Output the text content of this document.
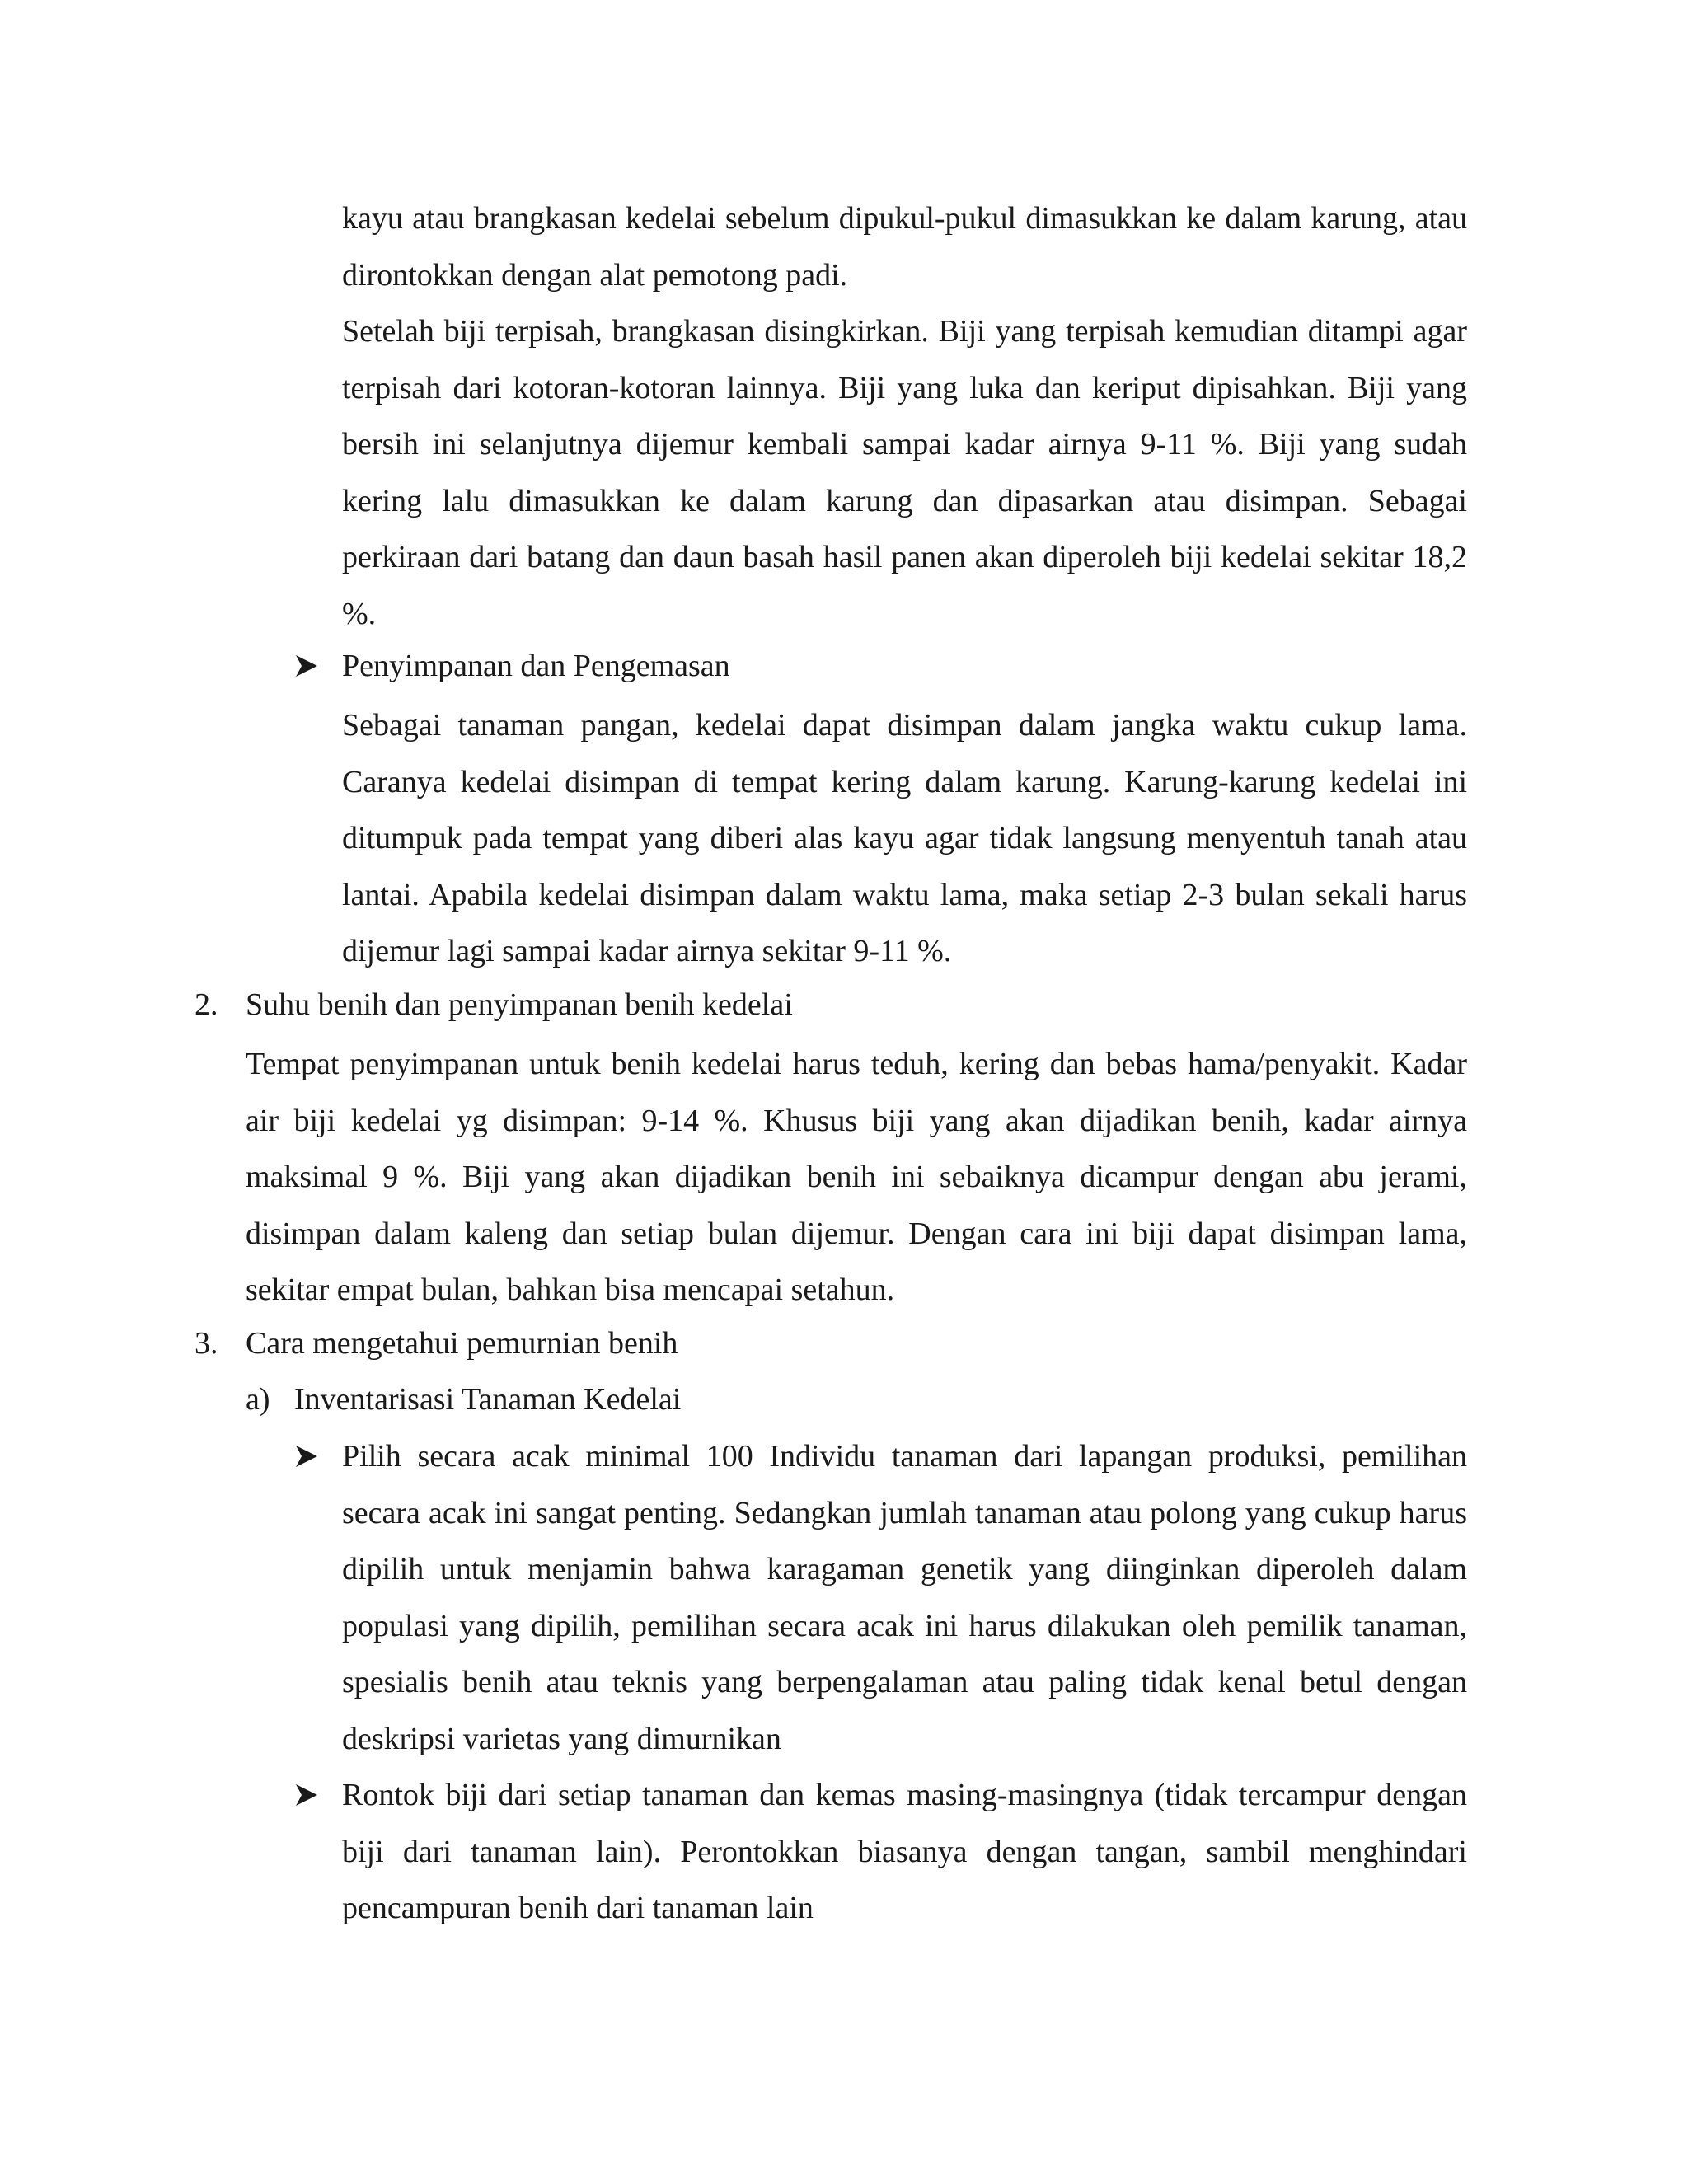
kayu atau brangkasan kedelai sebelum dipukul-pukul dimasukkan ke dalam karung, atau dirontokkan dengan alat pemotong padi.

Setelah biji terpisah, brangkasan disingkirkan. Biji yang terpisah kemudian ditampi agar terpisah dari kotoran-kotoran lainnya. Biji yang luka dan keriput dipisahkan. Biji yang bersih ini selanjutnya dijemur kembali sampai kadar airnya 9-11 %. Biji yang sudah kering lalu dimasukkan ke dalam karung dan dipasarkan atau disimpan. Sebagai perkiraan dari batang dan daun basah hasil panen akan diperoleh biji kedelai sekitar 18,2 %.

Penyimpanan dan Pengemasan

Sebagai tanaman pangan, kedelai dapat disimpan dalam jangka waktu cukup lama. Caranya kedelai disimpan di tempat kering dalam karung. Karung-karung kedelai ini ditumpuk pada tempat yang diberi alas kayu agar tidak langsung menyentuh tanah atau lantai. Apabila kedelai disimpan dalam waktu lama, maka setiap 2-3 bulan sekali harus dijemur lagi sampai kadar airnya sekitar 9-11 %.

2. Suhu benih dan penyimpanan benih kedelai

Tempat penyimpanan untuk benih kedelai harus teduh, kering dan bebas hama/penyakit. Kadar air biji kedelai yg disimpan: 9-14 %. Khusus biji yang akan dijadikan benih, kadar airnya maksimal 9 %. Biji yang akan dijadikan benih ini sebaiknya dicampur dengan abu jerami, disimpan dalam kaleng dan setiap bulan dijemur. Dengan cara ini biji dapat disimpan lama, sekitar empat bulan, bahkan bisa mencapai setahun.

3. Cara mengetahui pemurnian benih

a) Inventarisasi Tanaman Kedelai

Pilih secara acak minimal 100 Individu tanaman dari lapangan produksi, pemilihan secara acak ini sangat penting. Sedangkan jumlah tanaman atau polong yang cukup harus dipilih untuk menjamin bahwa karagaman genetik yang diinginkan diperoleh dalam populasi yang dipilih, pemilihan secara acak ini harus dilakukan oleh pemilik tanaman, spesialis benih atau teknis yang berpengalaman atau paling tidak kenal betul dengan deskripsi varietas yang dimurnikan

Rontok biji dari setiap tanaman dan kemas masing-masingnya (tidak tercampur dengan biji dari tanaman lain). Perontokkan biasanya dengan tangan, sambil menghindari pencampuran benih dari tanaman lain
